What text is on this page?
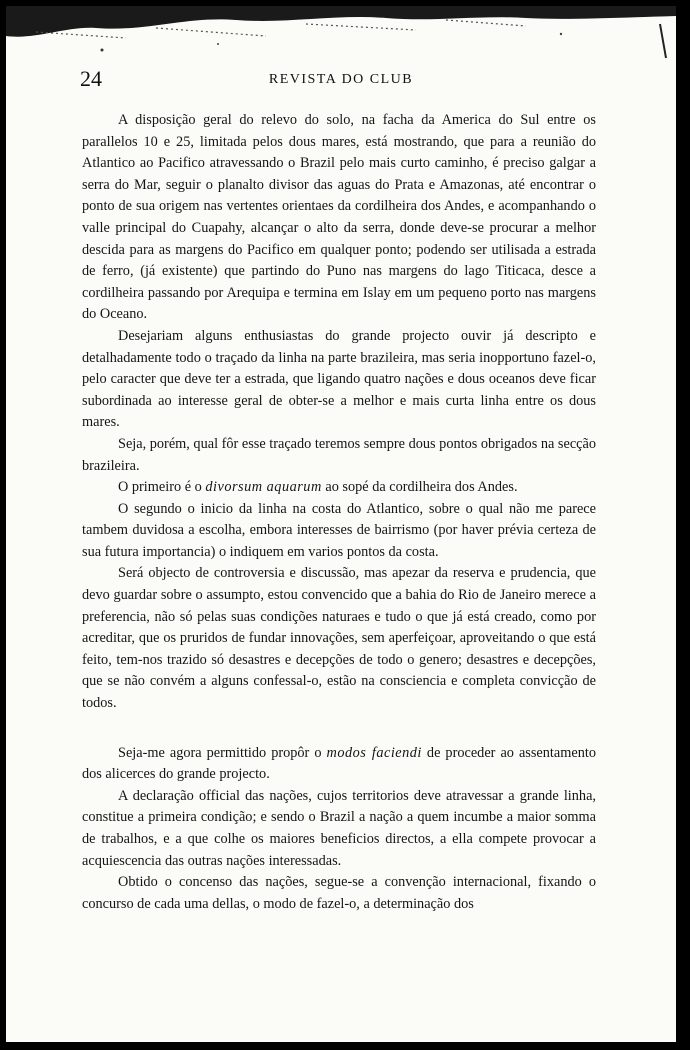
24	REVISTA DO CLUB

A disposição geral do relevo do solo, na facha da America do Sul entre os parallelos 10 e 25, limitada pelos dous mares, está mostrando, que para a reunião do Atlantico ao Pacifico atravessando o Brazil pelo mais curto caminho, é preciso galgar a serra do Mar, seguir o planalto divisor das aguas do Prata e Amazonas, até encontrar o ponto de sua origem nas vertentes orientaes da cordilheira dos Andes, e acompanhando o valle principal do Cuapahy, alcançar o alto da serra, donde deve-se procurar a melhor descida para as margens do Pacifico em qualquer ponto; podendo ser utilisada a estrada de ferro, (já existente) que partindo do Puno nas margens do lago Titicaca, desce a cordilheira passando por Arequipa e termina em Islay em um pequeno porto nas margens do Oceano.

Desejariam alguns enthusiastas do grande projecto ouvir já descripto e detalhadamente todo o traçado da linha na parte brazileira, mas seria inopportuno fazel-o, pelo caracter que deve ter a estrada, que ligando quatro nações e dous oceanos deve ficar subordinada ao interesse geral de obter-se a melhor e mais curta linha entre os dous mares.

Seja, porém, qual fôr esse traçado teremos sempre dous pontos obrigados na secção brazileira.

O primeiro é o divorsum aquarum ao sopé da cordilheira dos Andes.

O segundo o inicio da linha na costa do Atlantico, sobre o qual não me parece tambem duvidosa a escolha, embora interesses de bairrismo (por haver prévia certeza de sua futura importancia) o indiquem em varios pontos da costa.

Será objecto de controversia e discussão, mas apezar da reserva e prudencia, que devo guardar sobre o assumpto, estou convencido que a bahia do Rio de Janeiro merece a preferencia, não só pelas suas condições naturaes e tudo o que já está creado, como por acreditar, que os pruridos de fundar innovações, sem aperfeiçoar, aproveitando o que está feito, tem-nos trazido só desastres e decepções de todo o genero; desastres e decepções, que se não convém a alguns confessal-o, estão na consciencia e completa convicção de todos.

Seja-me agora permittido propôr o modos faciendi de proceder ao assentamento dos alicerces do grande projecto.

A declaração official das nações, cujos territorios deve atravessar a grande linha, constitue a primeira condição; e sendo o Brazil a nação a quem incumbe a maior somma de trabalhos, e a que colhe os maiores beneficios directos, a ella compete provocar a acquiescencia das outras nações interessadas.

Obtido o concenso das nações, segue-se a convenção internacional, fixando o concurso de cada uma dellas, o modo de fazel-o, a determinação dos
